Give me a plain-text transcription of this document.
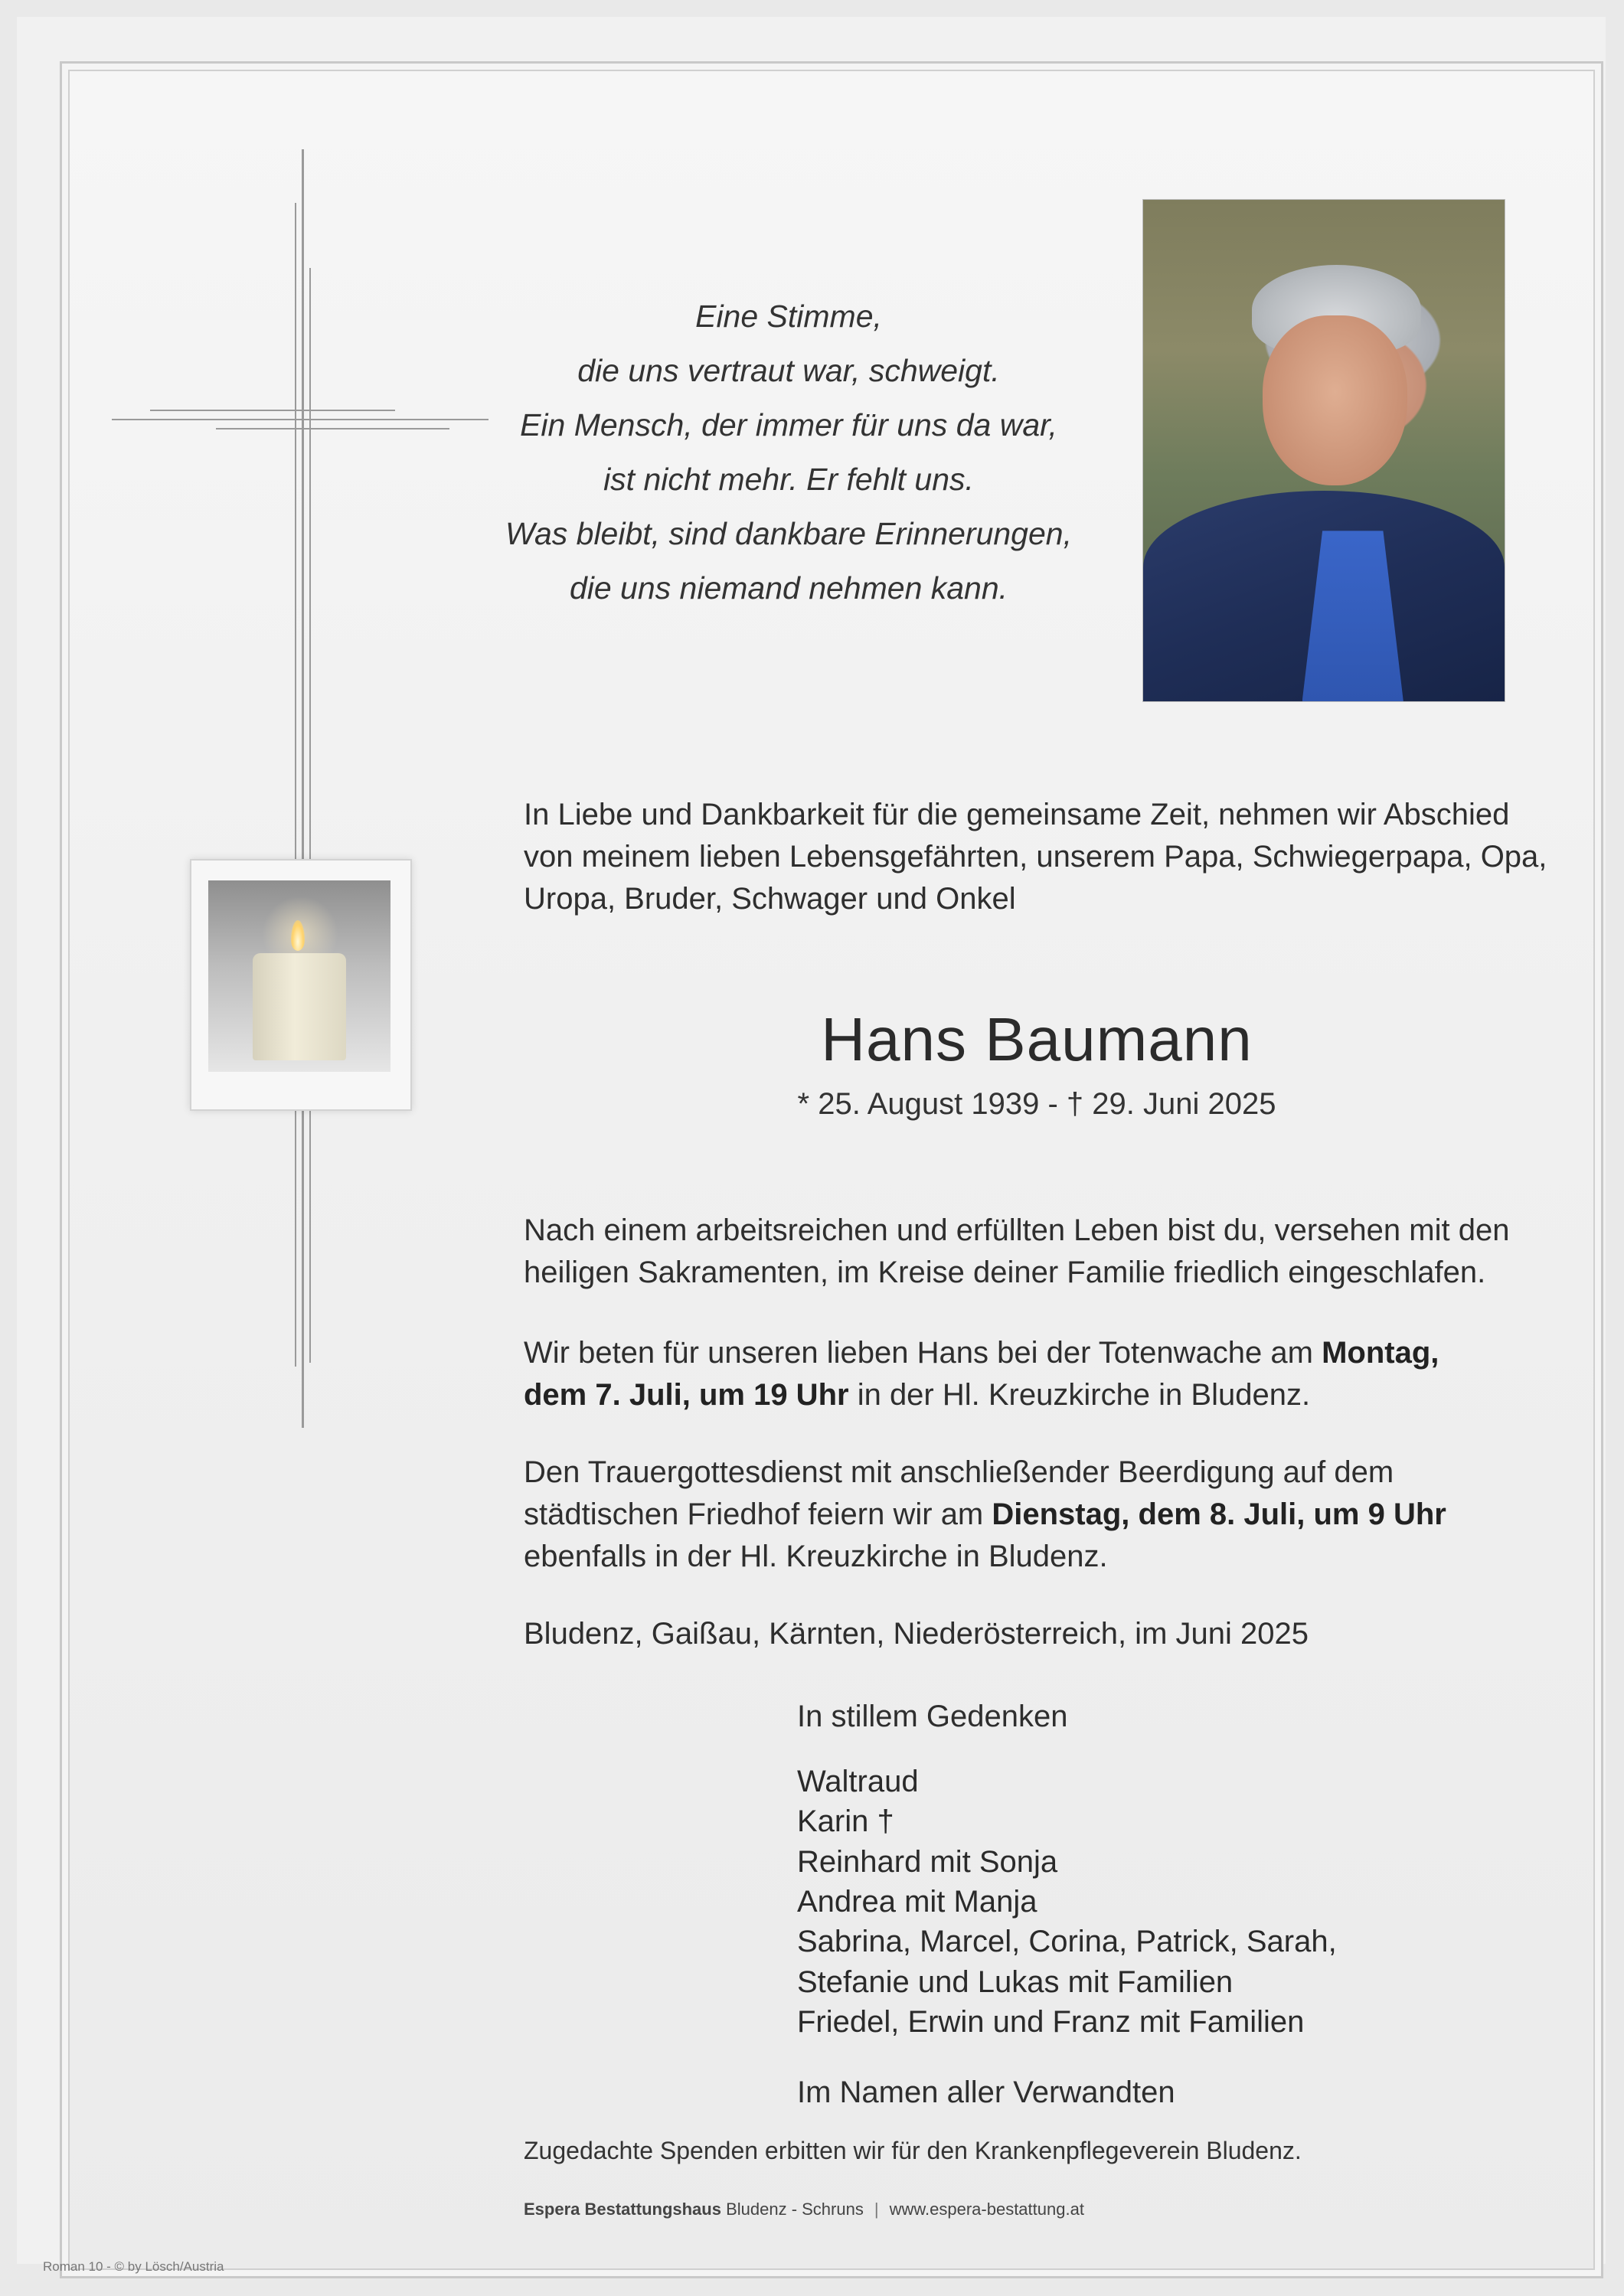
Eine Stimme,
die uns vertraut war, schweigt.
Ein Mensch, der immer für uns da war,
ist nicht mehr. Er fehlt uns.
Was bleibt, sind dankbare Erinnerungen,
die uns niemand nehmen kann.
In Liebe und Dankbarkeit für die gemeinsame Zeit, nehmen wir Abschied
von meinem lieben Lebensgefährten, unserem Papa, Schwiegerpapa, Opa,
Uropa, Bruder, Schwager und Onkel
Hans Baumann
* 25. August 1939 - † 29. Juni 2025
Nach einem arbeitsreichen und erfüllten Leben bist du, versehen mit den
heiligen Sakramenten, im Kreise deiner Familie friedlich eingeschlafen.
Wir beten für unseren lieben Hans bei der Totenwache am Montag,
dem 7. Juli, um 19 Uhr in der Hl. Kreuzkirche in Bludenz.
Den Trauergottesdienst mit anschließender Beerdigung auf dem
städtischen Friedhof feiern wir am Dienstag, dem 8. Juli, um 9 Uhr
ebenfalls in der Hl. Kreuzkirche in Bludenz.
Bludenz, Gaißau, Kärnten, Niederösterreich, im Juni 2025
In stillem Gedenken
Waltraud
Karin †
Reinhard mit Sonja
Andrea mit Manja
Sabrina, Marcel, Corina, Patrick, Sarah,
Stefanie und Lukas mit Familien
Friedel, Erwin und Franz mit Familien
Im Namen aller Verwandten
Zugedachte Spenden erbitten wir für den Krankenpflegeverein Bludenz.
Espera Bestattungshaus Bludenz - Schruns | www.espera-bestattung.at
Roman 10 - © by Lösch/Austria
